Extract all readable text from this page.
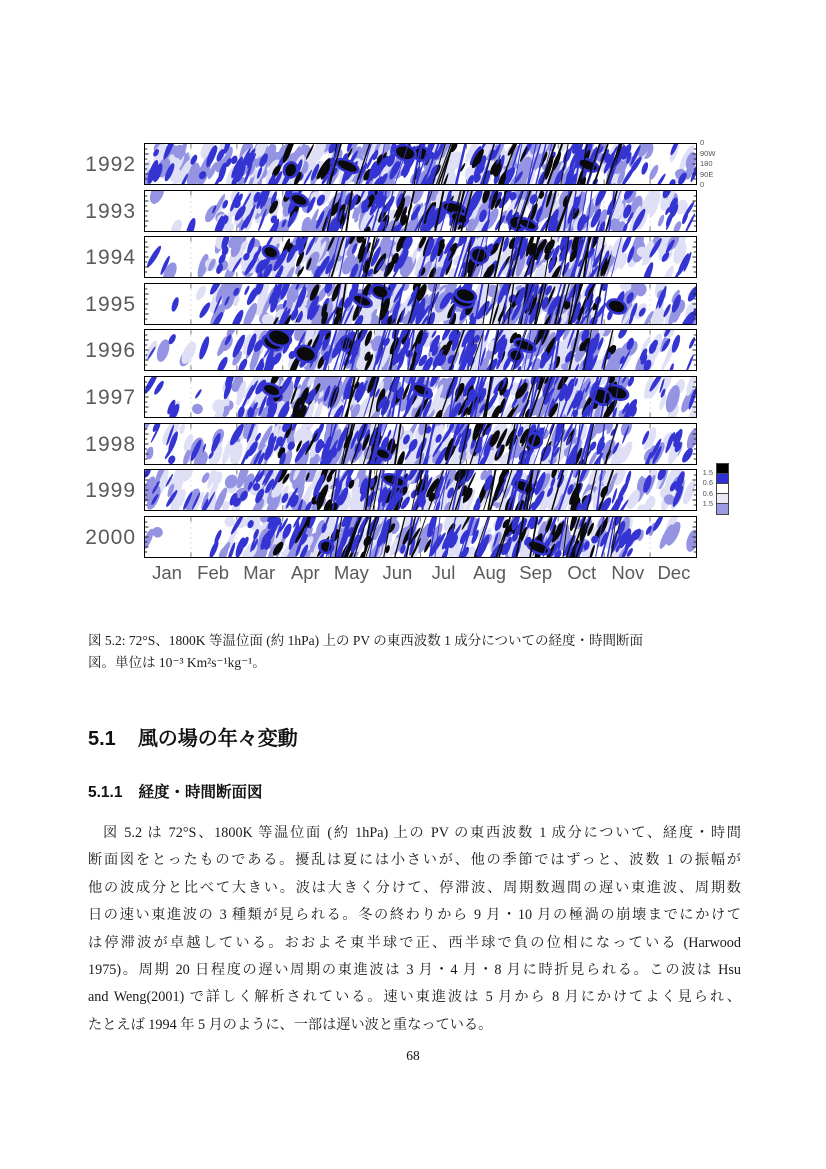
Jan Feb Mar Apr May Jun	Jul Aug Sep Oct Nov Dec
1992
1993
1994
1995
1996
1997
1998
1999
2000
0
90W
180
90E
0
1.5
0.6
0.6
1.5
図 5.2: 72°S、1800K 等温位面 (約 1hPa) 上の PV の東西波数 1 成分についての経度・時間断面
図。単位は 10⁻³ Km²s⁻¹kg⁻¹。
5.1 風の場の年々変動
5.1.1 経度・時間断面図
図 5.2 は 72°S、1800K 等温位面 (約 1hPa) 上の PV の東西波数 1 成分について、経度・時間
断面図をとったものである。擾乱は夏には小さいが、他の季節ではずっと、波数 1 の振幅が
他の波成分と比べて大きい。波は大きく分けて、停滞波、周期数週間の遅い東進波、周期数
日の速い東進波の 3 種類が見られる。冬の終わりから 9 月・10 月の極渦の崩壊までにかけて
は停滞波が卓越している。おおよそ東半球で正、西半球で負の位相になっている (Harwood
1975)。周期 20 日程度の遅い周期の東進波は 3 月・4 月・8 月に時折見られる。この波は Hsu
and Weng(2001) で詳しく解析されている。速い東進波は 5 月から 8 月にかけてよく見られ、
たとえば 1994 年 5 月のように、一部は遅い波と重なっている。
68
